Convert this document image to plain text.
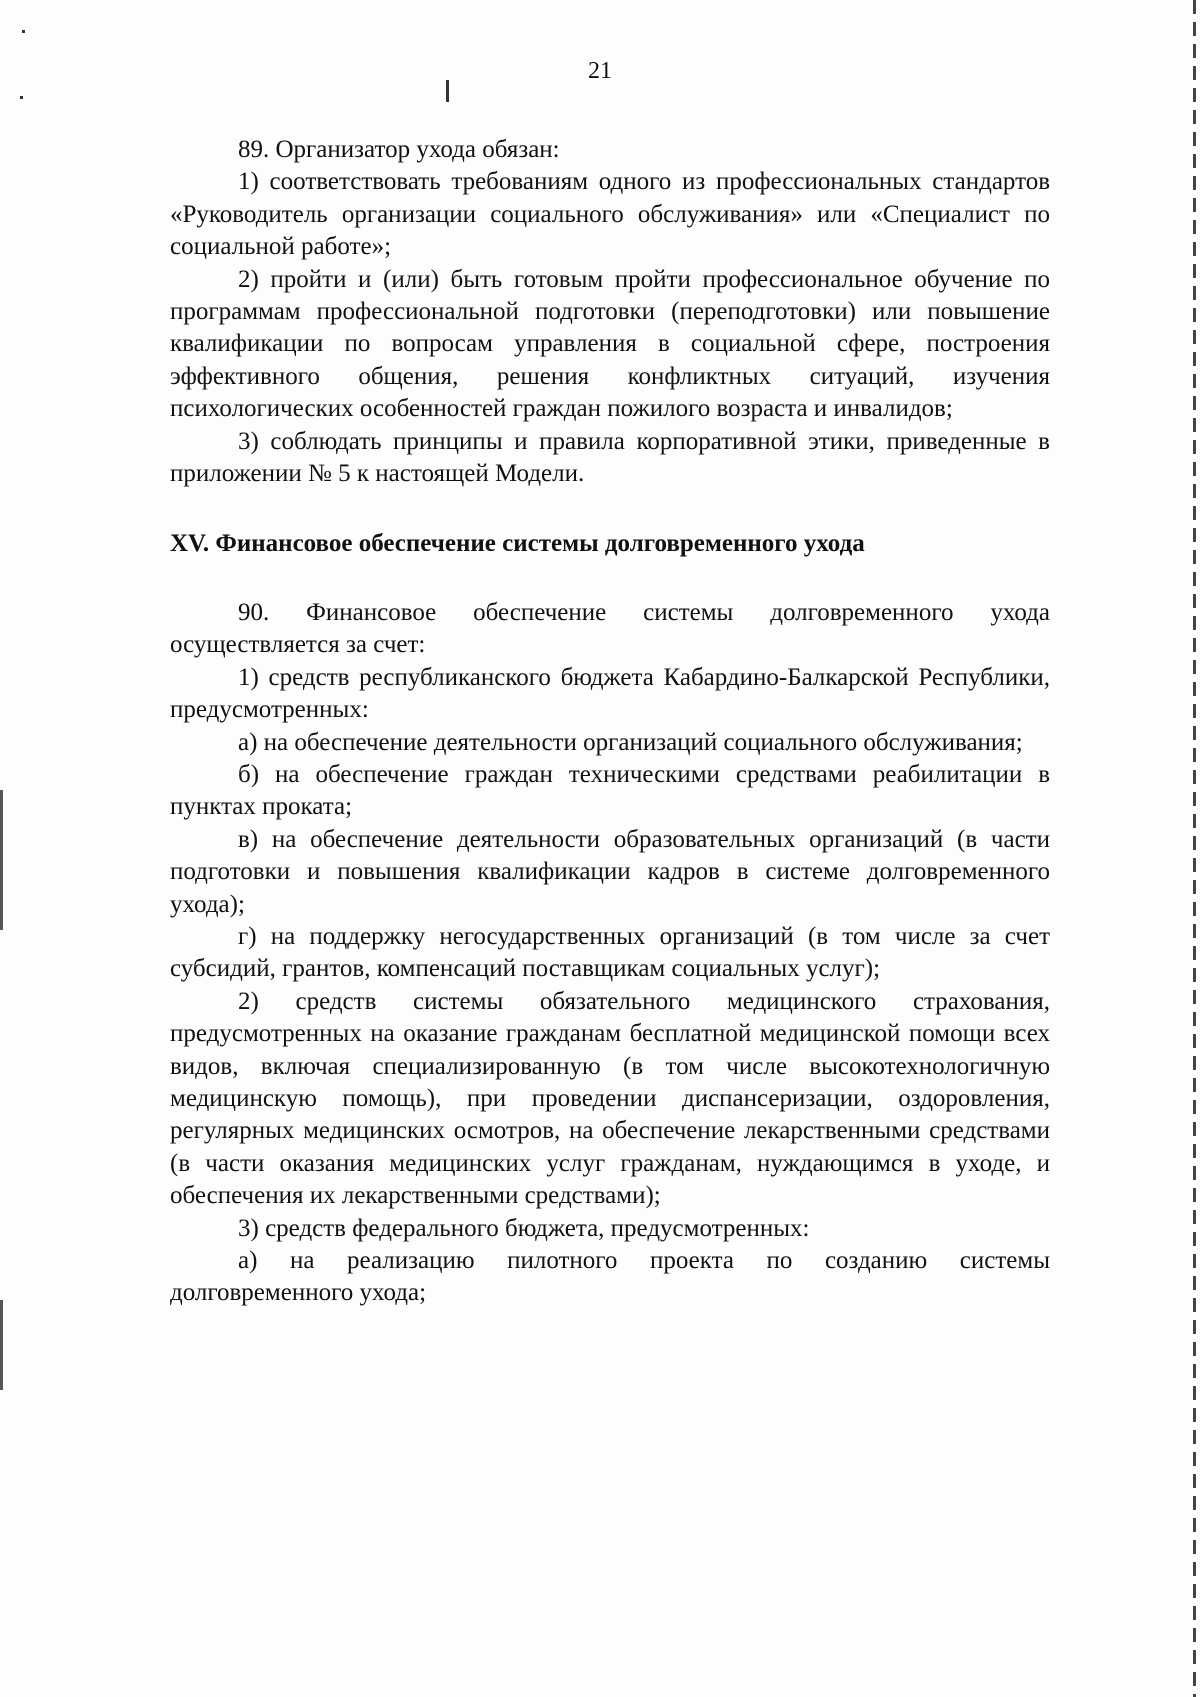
21

89. Организатор ухода обязан:

1) соответствовать требованиям одного из профессиональных стандартов «Руководитель организации социального обслуживания» или «Специалист по социальной работе»;

2) пройти и (или) быть готовым пройти профессиональное обучение по программам профессиональной подготовки (переподготовки) или повышение квалификации по вопросам управления в социальной сфере, построения эффективного общения, решения конфликтных ситуаций, изучения психологических особенностей граждан пожилого возраста и инвалидов;

3) соблюдать принципы и правила корпоративной этики, приведенные в приложении № 5 к настоящей Модели.

XV. Финансовое обеспечение системы долговременного ухода

90. Финансовое обеспечение системы долговременного ухода осуществляется за счет:

1) средств республиканского бюджета Кабардино-Балкарской Республики, предусмотренных:

а) на обеспечение деятельности организаций социального обслуживания;

б) на обеспечение граждан техническими средствами реабилитации в пунктах проката;

в) на обеспечение деятельности образовательных организаций (в части подготовки и повышения квалификации кадров в системе долговременного ухода);

г) на поддержку негосударственных организаций (в том числе за счет субсидий, грантов, компенсаций поставщикам социальных услуг);

2) средств системы обязательного медицинского страхования, предусмотренных на оказание гражданам бесплатной медицинской помощи всех видов, включая специализированную (в том числе высокотехнологичную медицинскую помощь), при проведении диспансеризации, оздоровления, регулярных медицинских осмотров, на обеспечение лекарственными средствами (в части оказания медицинских услуг гражданам, нуждающимся в уходе, и обеспечения их лекарственными средствами);

3) средств федерального бюджета, предусмотренных:

а) на реализацию пилотного проекта по созданию системы долговременного ухода;
